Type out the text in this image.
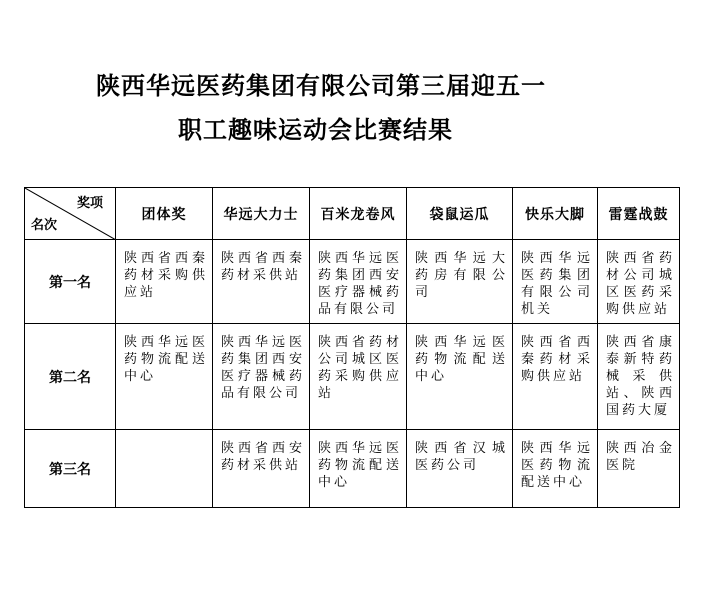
陕西华远医药集团有限公司第三届迎五一
职工趣味运动会比赛结果
奖项
名次	团体奖	华远大力士	百米龙卷风	袋鼠运瓜	快乐大脚	雷霆战鼓
第一名	陕西省西秦药材采购供应站	陕西省西秦药材采供站	陕西华远医药集团西安医疗器械药品有限公司	陕西华远大药房有限公司	陕西华远医药集团有限公司机关	陕西省药材公司城区医药采购供应站
第二名	陕西华远医药物流配送中心	陕西华远医药集团西安医疗器械药品有限公司	陕西省药材公司城区医药采购供应站	陕西华远医药物流配送中心	陕西省西秦药材采购供应站	陕西省康泰新特药械采供站、陕西国药大厦
第三名		陕西省西安药材采供站	陕西华远医药物流配送中心	陕西省汉城医药公司	陕西华远医药物流配送中心	陕西冶金医院
